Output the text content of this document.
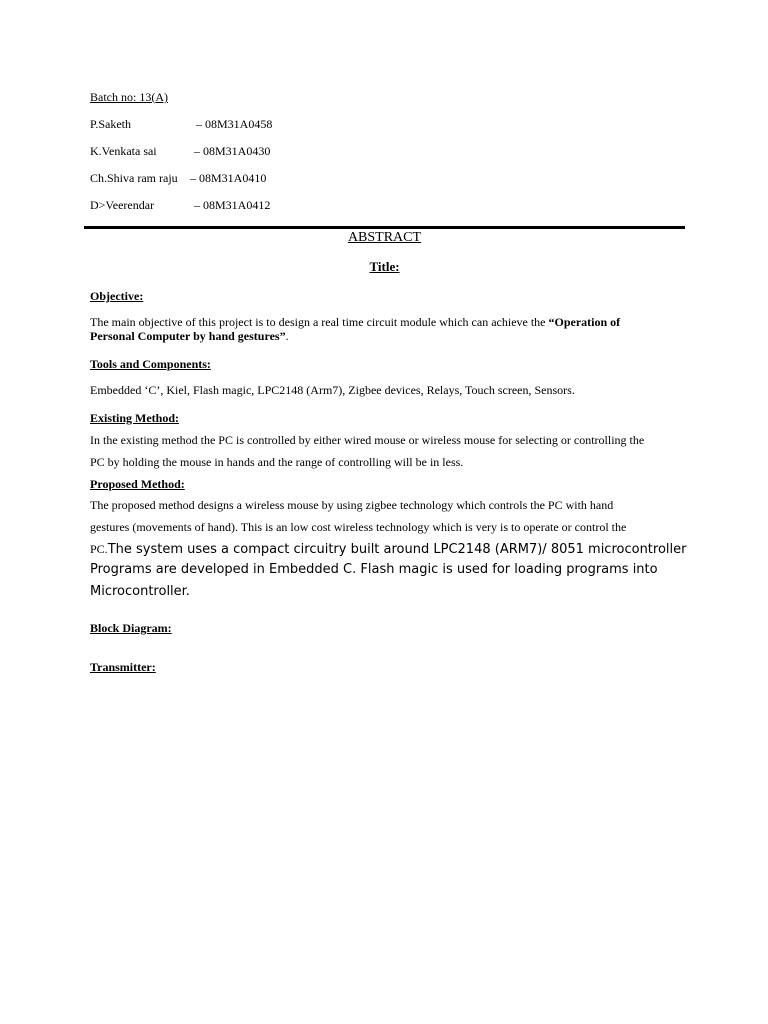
Batch no: 13(A)
P.Saketh	– 08M31A0458
K.Venkata sai	– 08M31A0430
Ch.Shiva ram raju – 08M31A0410
D>Veerendar	– 08M31A0412
ABSTRACT
Title:
Objective:
The main objective of this project is to design a real time circuit module which can achieve the “Operation of
Personal Computer by hand gestures”.
Tools and Components:
Embedded ‘C’, Kiel, Flash magic, LPC2148 (Arm7), Zigbee devices, Relays, Touch screen, Sensors.
Existing Method:
In the existing method the PC is controlled by either wired mouse or wireless mouse for selecting or controlling the
PC by holding the mouse in hands and the range of controlling will be in less.
Proposed Method:
The proposed method designs a wireless mouse by using zigbee technology which controls the PC with hand
gestures (movements of hand). This is an low cost wireless technology which is very is to operate or control the
PC.The system uses a compact circuitry built around LPC2148 (ARM7)/ 8051 microcontroller
Programs are developed in Embedded C. Flash magic is used for loading programs into
Microcontroller.
Block Diagram:
Transmitter:
